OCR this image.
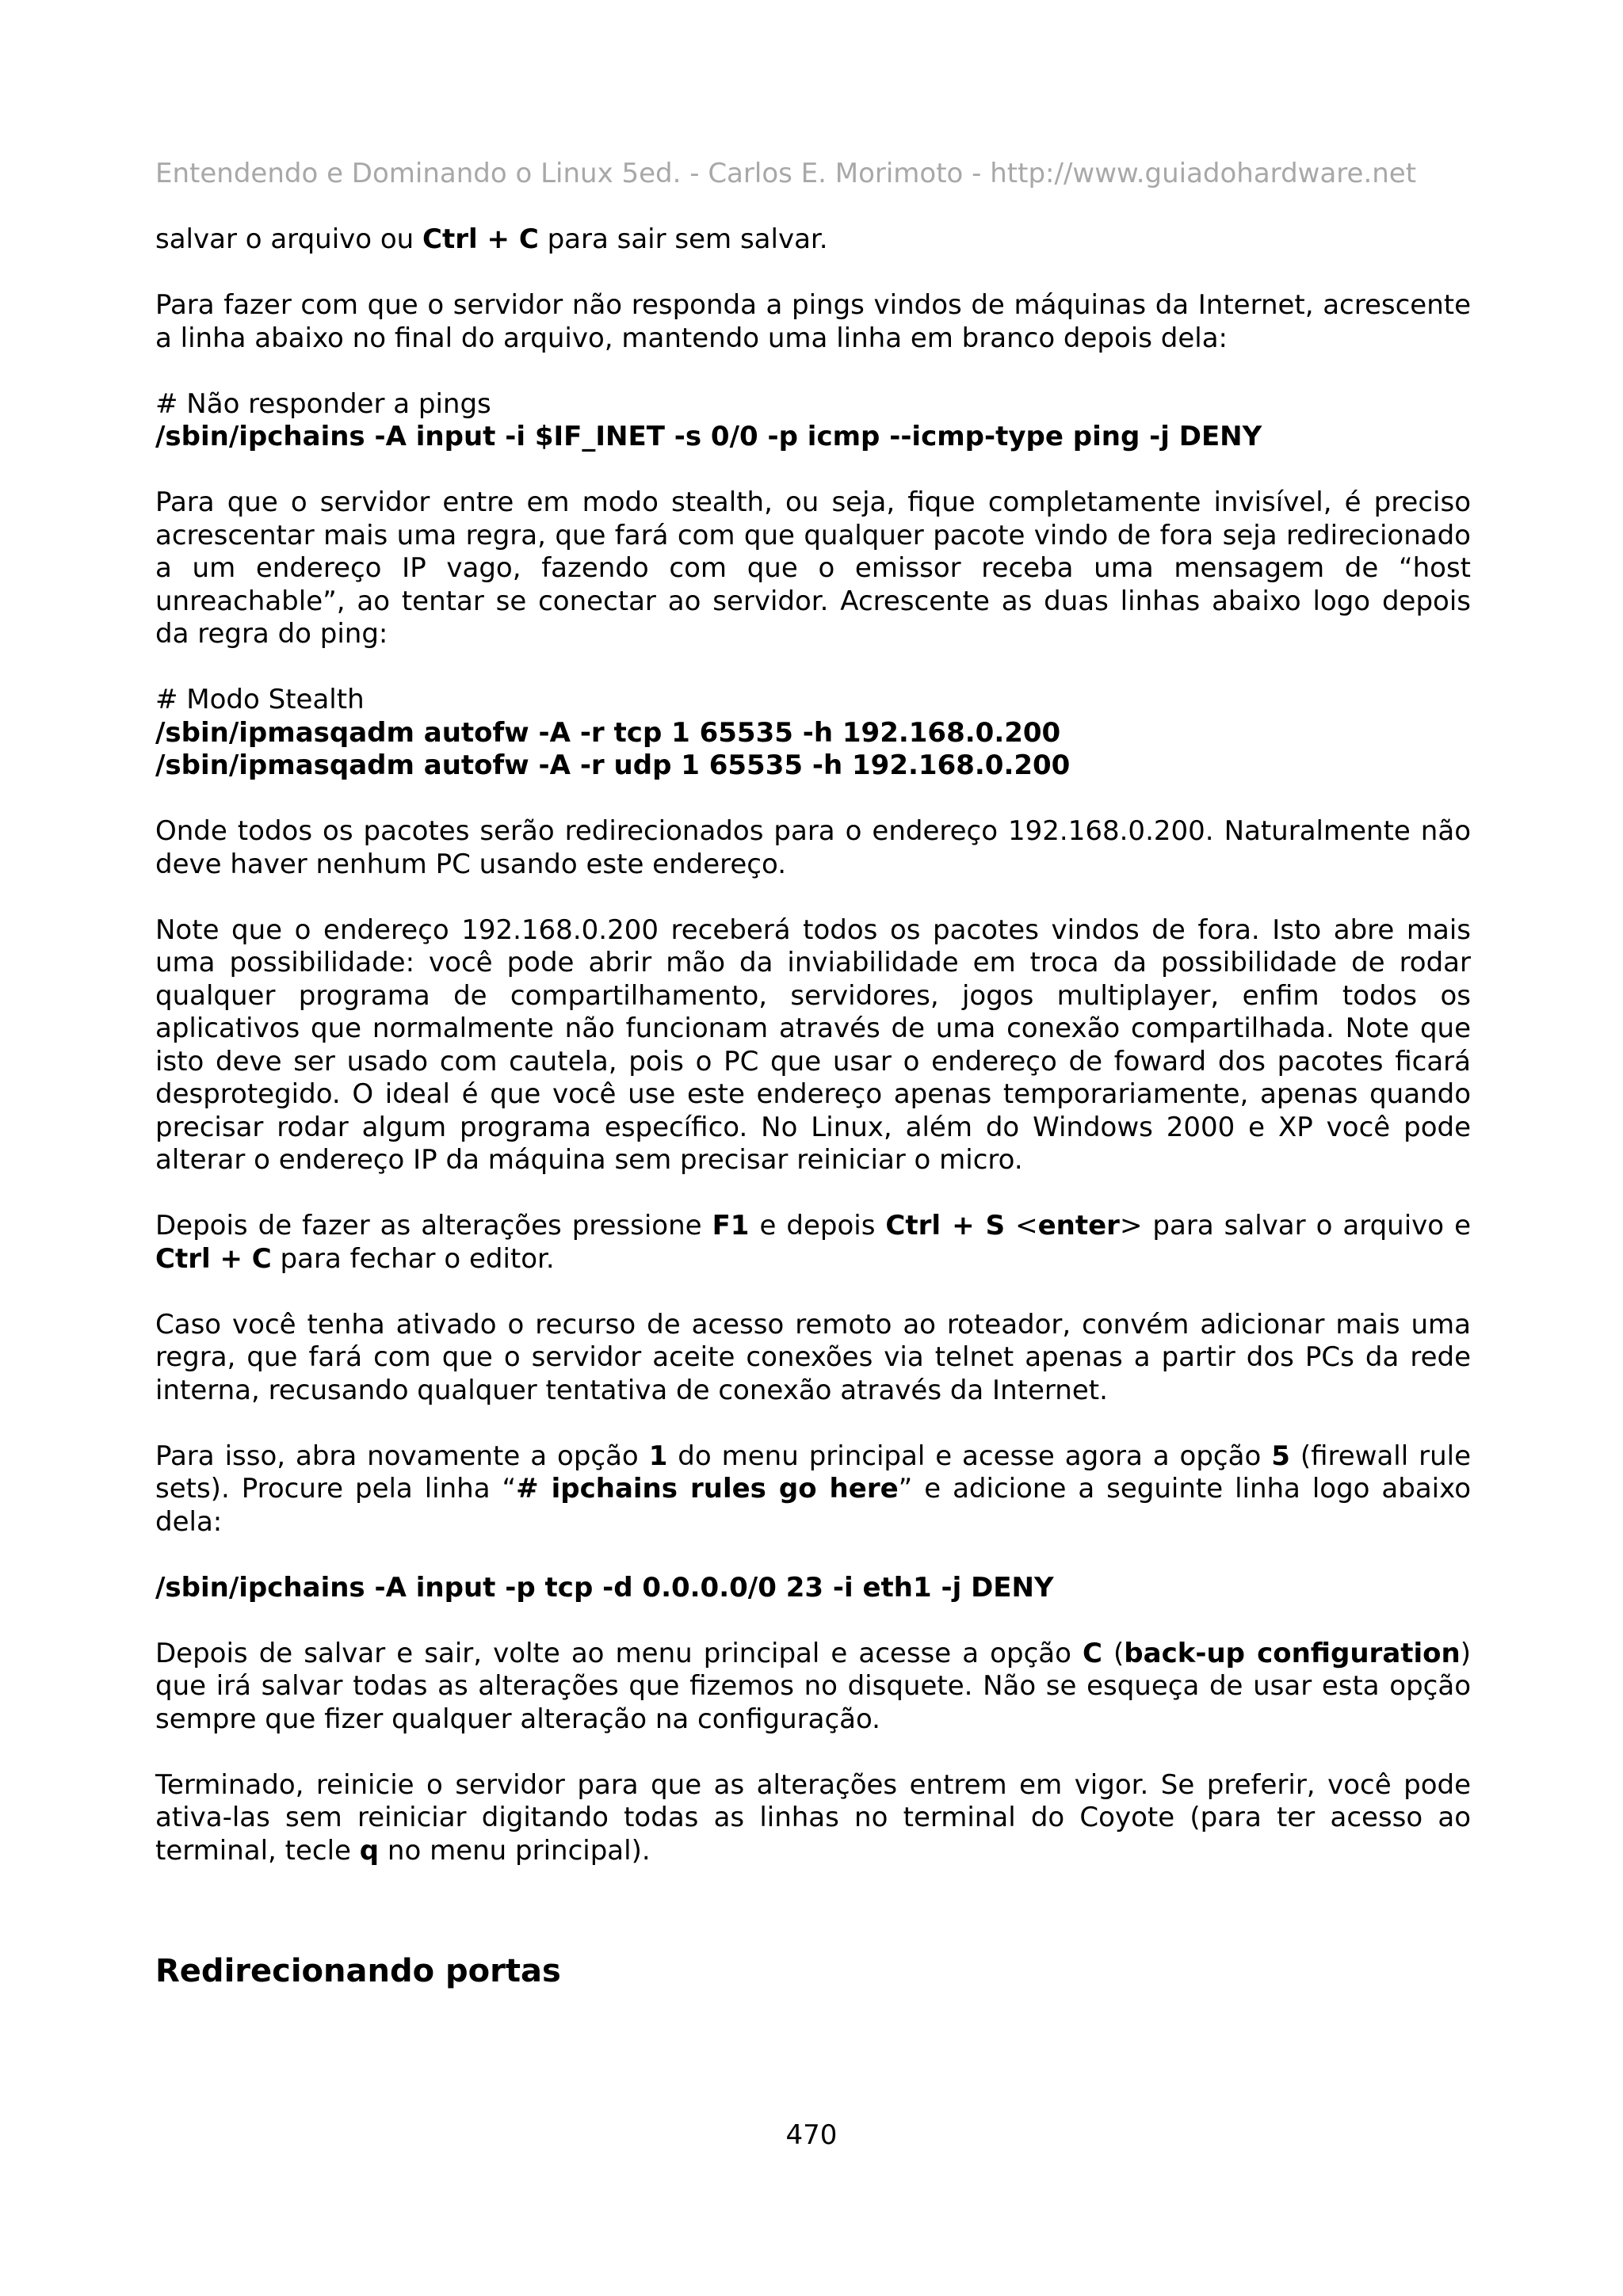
Entendendo e Dominando o Linux 5ed. - Carlos E. Morimoto - http://www.guiadohardware.net

salvar o arquivo ou Ctrl + C para sair sem salvar.

Para fazer com que o servidor não responda a pings vindos de máquinas da Internet, acrescente a linha abaixo no final do arquivo, mantendo uma linha em branco depois dela:

# Não responder a pings
/sbin/ipchains -A input -i $IF_INET -s 0/0 -p icmp --icmp-type ping -j DENY

Para que o servidor entre em modo stealth, ou seja, fique completamente invisível, é preciso acrescentar mais uma regra, que fará com que qualquer pacote vindo de fora seja redirecionado a um endereço IP vago, fazendo com que o emissor receba uma mensagem de “host unreachable”, ao tentar se conectar ao servidor. Acrescente as duas linhas abaixo logo depois da regra do ping:

# Modo Stealth
/sbin/ipmasqadm autofw -A -r tcp 1 65535 -h 192.168.0.200
/sbin/ipmasqadm autofw -A -r udp 1 65535 -h 192.168.0.200

Onde todos os pacotes serão redirecionados para o endereço 192.168.0.200. Naturalmente não deve haver nenhum PC usando este endereço.

Note que o endereço 192.168.0.200 receberá todos os pacotes vindos de fora. Isto abre mais uma possibilidade: você pode abrir mão da inviabilidade em troca da possibilidade de rodar qualquer programa de compartilhamento, servidores, jogos multiplayer, enfim todos os aplicativos que normalmente não funcionam através de uma conexão compartilhada. Note que isto deve ser usado com cautela, pois o PC que usar o endereço de foward dos pacotes ficará desprotegido. O ideal é que você use este endereço apenas temporariamente, apenas quando precisar rodar algum programa específico. No Linux, além do Windows 2000 e XP você pode alterar o endereço IP da máquina sem precisar reiniciar o micro.

Depois de fazer as alterações pressione F1 e depois Ctrl + S <enter> para salvar o arquivo e Ctrl + C para fechar o editor.

Caso você tenha ativado o recurso de acesso remoto ao roteador, convém adicionar mais uma regra, que fará com que o servidor aceite conexões via telnet apenas a partir dos PCs da rede interna, recusando qualquer tentativa de conexão através da Internet.

Para isso, abra novamente a opção 1 do menu principal e acesse agora a opção 5 (firewall rule sets). Procure pela linha “# ipchains rules go here” e adicione a seguinte linha logo abaixo dela:

/sbin/ipchains -A input -p tcp -d 0.0.0.0/0 23 -i eth1 -j DENY

Depois de salvar e sair, volte ao menu principal e acesse a opção C (back-up configuration) que irá salvar todas as alterações que fizemos no disquete. Não se esqueça de usar esta opção sempre que fizer qualquer alteração na configuração.

Terminado, reinicie o servidor para que as alterações entrem em vigor. Se preferir, você pode ativa-las sem reiniciar digitando todas as linhas no terminal do Coyote (para ter acesso ao terminal, tecle q no menu principal).

Redirecionando portas
470
